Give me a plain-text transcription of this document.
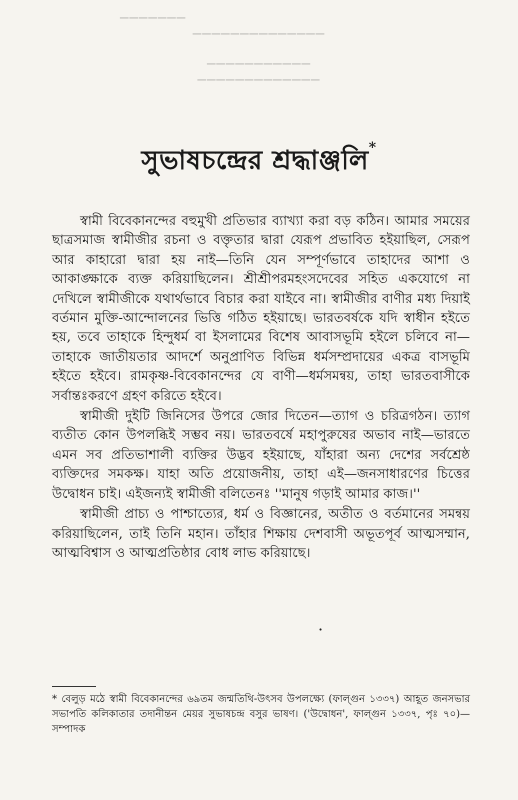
▁▁▁▁▁▁▁
▁▁▁▁▁▁▁▁▁▁▁▁▁▁
▁▁▁▁▁▁▁▁▁▁▁
▁▁▁▁▁▁▁▁▁▁▁▁▁
সুভাষচন্দ্রের শ্রদ্ধাঞ্জলি*

স্বামী বিবেকানন্দের বহুমুখী প্রতিভার ব্যাখ্যা করা বড় কঠিন। আমার সময়ের ছাত্রসমাজ স্বামীজীর রচনা ও বক্তৃতার দ্বারা যেরূপ প্রভাবিত হইয়াছিল, সেরূপ আর কাহারো দ্বারা হয় নাই—তিনি যেন সম্পূর্ণভাবে তাহাদের আশা ও আকাঙ্ক্ষাকে ব্যক্ত করিয়াছিলেন। শ্রীশ্রীপরমহংসদেবের সহিত একযোগে না দেখিলে স্বামীজীকে যথার্থভাবে বিচার করা যাইবে না। স্বামীজীর বাণীর মধ্য দিয়াই বর্তমান মুক্তি-আন্দোলনের ভিত্তি গঠিত হইয়াছে। ভারতবর্ষকে যদি স্বাধীন হইতে হয়, তবে তাহাকে হিন্দুধর্ম বা ইসলামের বিশেষ আবাসভূমি হইলে চলিবে না—তাহাকে জাতীয়তার আদর্শে অনুপ্রাণিত বিভিন্ন ধর্মসম্প্রদায়ের একত্র বাসভূমি হইতে হইবে। রামকৃষ্ণ-বিবেকানন্দের যে বাণী—ধর্মসমন্বয়, তাহা ভারতবাসীকে সর্বান্তঃকরণে গ্রহণ করিতে হইবে।

স্বামীজী দুইটি জিনিসের উপরে জোর দিতেন—ত্যাগ ও চরিত্রগঠন। ত্যাগ ব্যতীত কোন উপলব্ধিই সম্ভব নয়। ভারতবর্ষে মহাপুরুষের অভাব নাই—ভারতে এমন সব প্রতিভাশালী ব্যক্তির উদ্ভব হইয়াছে, যাঁহারা অন্য দেশের সর্বশ্রেষ্ঠ ব্যক্তিদের সমকক্ষ। যাহা অতি প্রয়োজনীয়, তাহা এই—জনসাধারণের চিত্তের উদ্বোধন চাই। এইজন্যই স্বামীজী বলিতেনঃ ''মানুষ গড়াই আমার কাজ।''

স্বামীজী প্রাচ্য ও পাশ্চাত্যের, ধর্ম ও বিজ্ঞানের, অতীত ও বর্তমানের সমন্বয় করিয়াছিলেন, তাই তিনি মহান। তাঁহার শিক্ষায় দেশবাসী অভূতপূর্ব আত্মসম্মান, আত্মবিশ্বাস ও আত্মপ্রতিষ্ঠার বোধ লাভ করিয়াছে।

·
* বেলুড় মঠে স্বামী বিবেকানন্দের ৬৯তম জন্মতিথি-উৎসব উপলক্ষ্যে (ফাল্গুন ১৩৩৭) আহূত জনসভার সভাপতি কলিকাতার তদানীন্তন মেয়র সুভাষচন্দ্র বসুর ভাষণ। ('উদ্বোধন', ফাল্গুন ১৩৩৭, পৃঃ ৭০)—সম্পাদক
